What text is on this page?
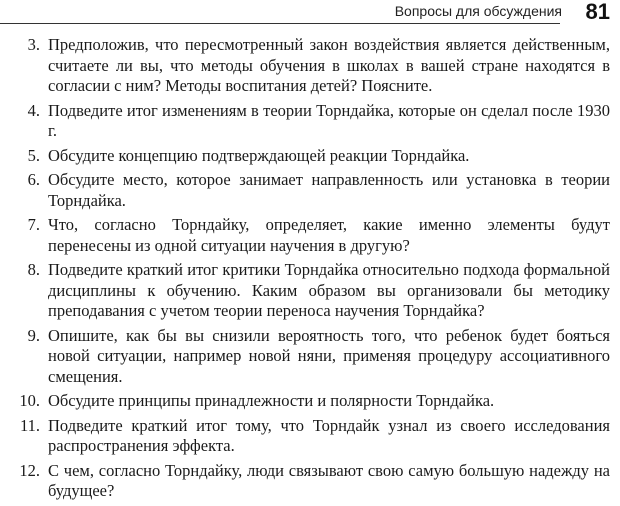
Вопросы для обсуждения 81
3. Предположив, что пересмотренный закон воздействия является действенным, считаете ли вы, что методы обучения в школах в вашей стране находятся в согласии с ним? Методы воспитания детей? Поясните.
4. Подведите итог изменениям в теории Торндайка, которые он сделал после 1930 г.
5. Обсудите концепцию подтверждающей реакции Торндайка.
6. Обсудите место, которое занимает направленность или установка в теории Торндайка.
7. Что, согласно Торндайку, определяет, какие именно элементы будут перенесены из одной ситуации научения в другую?
8. Подведите краткий итог критики Торндайка относительно подхода формальной дисциплины к обучению. Каким образом вы организовали бы методику преподавания с учетом теории переноса научения Торндайка?
9. Опишите, как бы вы снизили вероятность того, что ребенок будет бояться новой ситуации, например новой няни, применяя процедуру ассоциативного смещения.
10. Обсудите принципы принадлежности и полярности Торндайка.
11. Подведите краткий итог тому, что Торндайк узнал из своего исследования распространения эффекта.
12. С чем, согласно Торндайку, люди связывают свою самую большую надежду на будущее?
